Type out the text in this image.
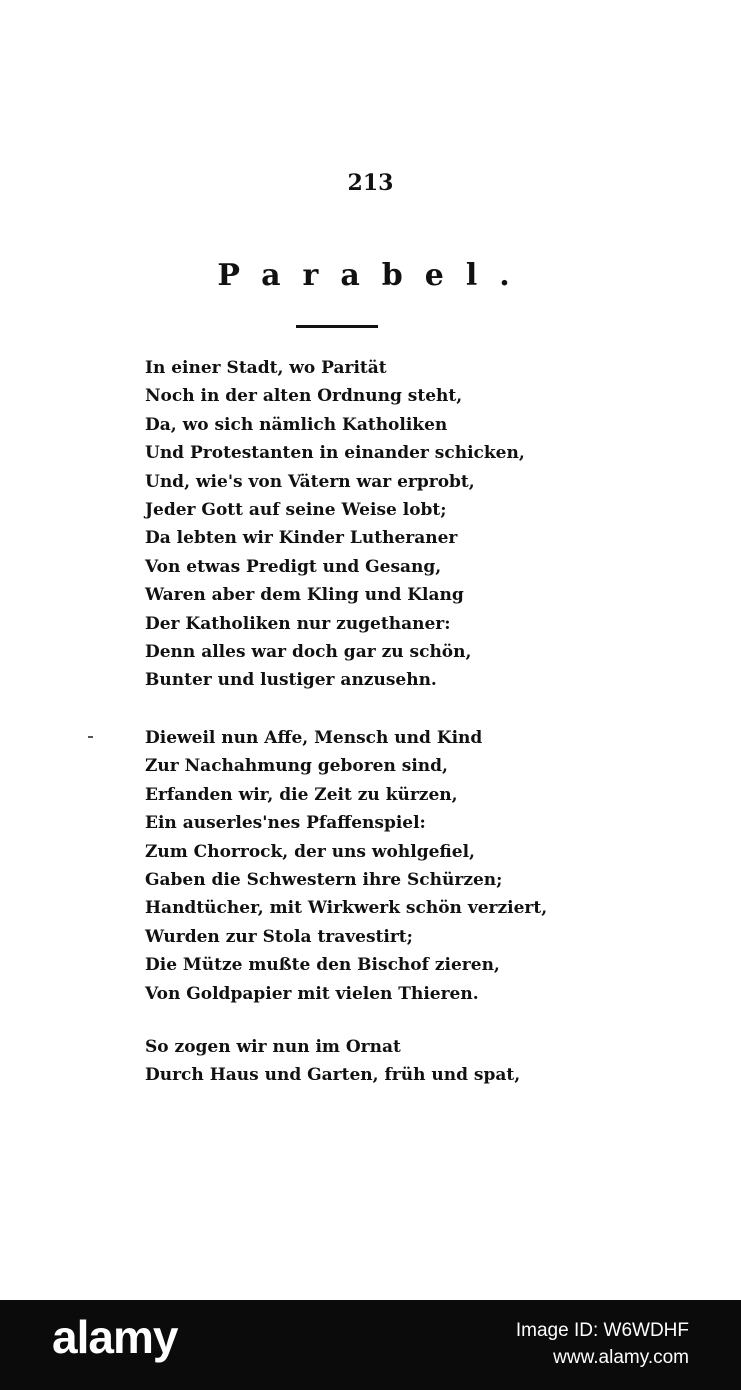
213
Parabel.
In einer Stadt, wo Parität
Noch in der alten Ordnung steht,
Da, wo sich nämlich Katholiken
Und Protestanten in einander schicken,
Und, wie's von Vätern war erprobt,
Jeder Gott auf seine Weise lobt;
Da lebten wir Kinder Lutheraner
Von etwas Predigt und Gesang,
Waren aber dem Kling und Klang
Der Katholiken nur zugethaner:
Denn alles war doch gar zu schön,
Bunter und lustiger anzusehn.
Dieweil nun Affe, Mensch und Kind
Zur Nachahmung geboren sind,
Erfanden wir, die Zeit zu kürzen,
Ein auserles'nes Pfaffenspiel:
Zum Chorrock, der uns wohlgefiel,
Gaben die Schwestern ihre Schürzen;
Handtücher, mit Wirkwerk schön verziert,
Wurden zur Stola travestirt;
Die Mütze mußte den Bischof zieren,
Von Goldpapier mit vielen Thieren.
So zogen wir nun im Ornat
Durch Haus und Garten, früh und spat,
alamy	Image ID: W6WDHF
www.alamy.com
